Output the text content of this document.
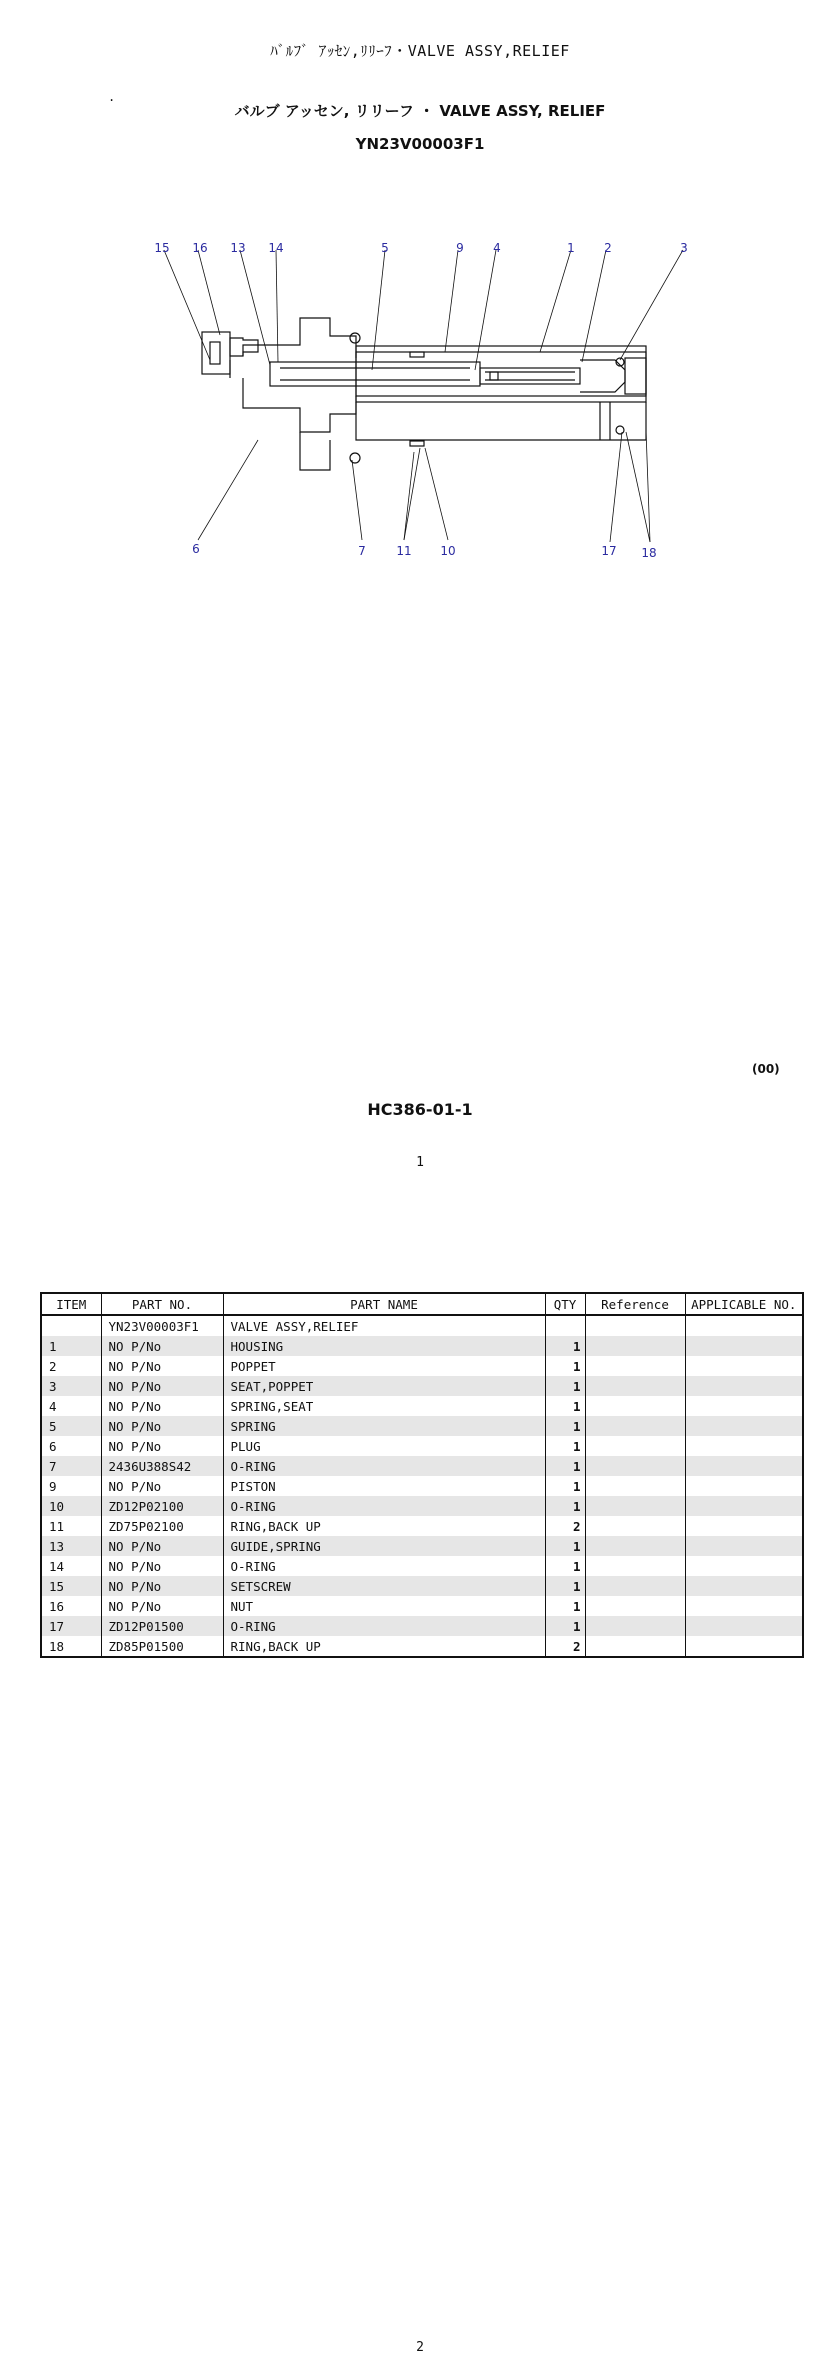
ﾊﾞﾙﾌﾞ ｱｯｾﾝ,ﾘﾘｰﾌ・VALVE ASSY,RELIEF
.
バルブ アッセン, リリーフ ・ VALVE ASSY, RELIEF
YN23V00003F1
15 16 13 14	5	9 4	1 2	3
6	7	11 10	17 18
(00)
HC386-01-1
1
ITEM	PART NO.	PART NAME	QTY	Reference	APPLICABLE NO.
	YN23V00003F1	VALVE ASSY,RELIEF			
1	NO P/No	HOUSING	1		
2	NO P/No	POPPET	1		
3	NO P/No	SEAT,POPPET	1		
4	NO P/No	SPRING,SEAT	1		
5	NO P/No	SPRING	1		
6	NO P/No	PLUG	1		
7	2436U388S42	O-RING	1		
9	NO P/No	PISTON	1		
10	ZD12P02100	O-RING	1		
11	ZD75P02100	RING,BACK UP	2		
13	NO P/No	GUIDE,SPRING	1		
14	NO P/No	O-RING	1		
15	NO P/No	SETSCREW	1		
16	NO P/No	NUT	1		
17	ZD12P01500	O-RING	1		
18	ZD85P01500	RING,BACK UP	2		
2
